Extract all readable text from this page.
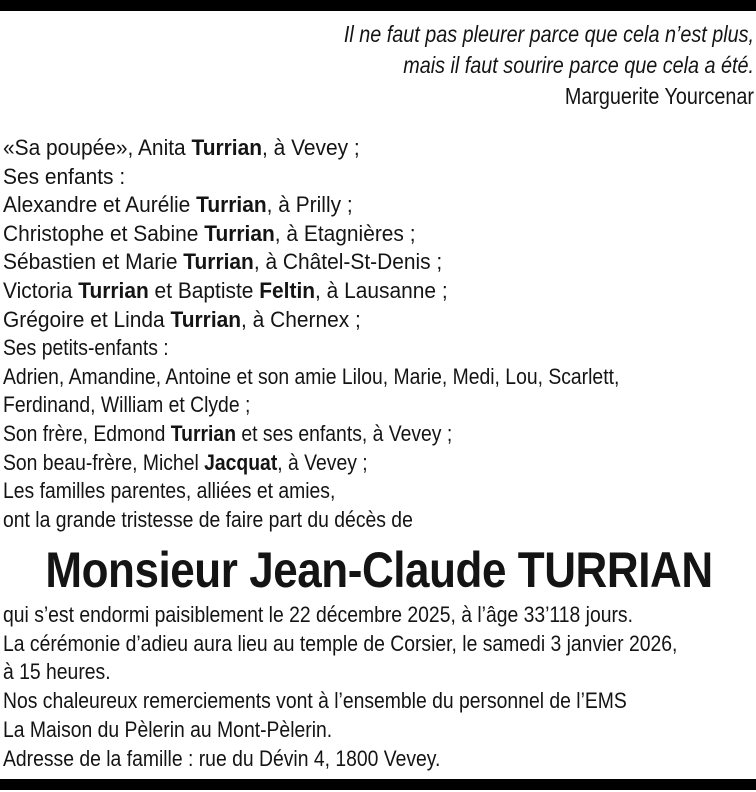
Il ne faut pas pleurer parce que cela n’est plus,
mais il faut sourire parce que cela a été.
Marguerite Yourcenar
«Sa poupée», Anita Turrian, à Vevey ;
Ses enfants :
Alexandre et Aurélie Turrian, à Prilly ;
Christophe et Sabine Turrian, à Etagnières ;
Sébastien et Marie Turrian, à Châtel-St-Denis ;
Victoria Turrian et Baptiste Feltin, à Lausanne ;
Grégoire et Linda Turrian, à Chernex ;
Ses petits-enfants :
Adrien, Amandine, Antoine et son amie Lilou, Marie, Medi, Lou, Scarlett,
Ferdinand, William et Clyde ;
Son frère, Edmond Turrian et ses enfants, à Vevey ;
Son beau-frère, Michel Jacquat, à Vevey ;
Les familles parentes, alliées et amies,
ont la grande tristesse de faire part du décès de
Monsieur Jean-Claude TURRIAN
qui s’est endormi paisiblement le 22 décembre 2025, à l’âge 33’118 jours.
La cérémonie d’adieu aura lieu au temple de Corsier, le samedi 3 janvier 2026,
à 15 heures.
Nos chaleureux remerciements vont à l’ensemble du personnel de l’EMS
La Maison du Pèlerin au Mont-Pèlerin.
Adresse de la famille : rue du Dévin 4, 1800 Vevey.
